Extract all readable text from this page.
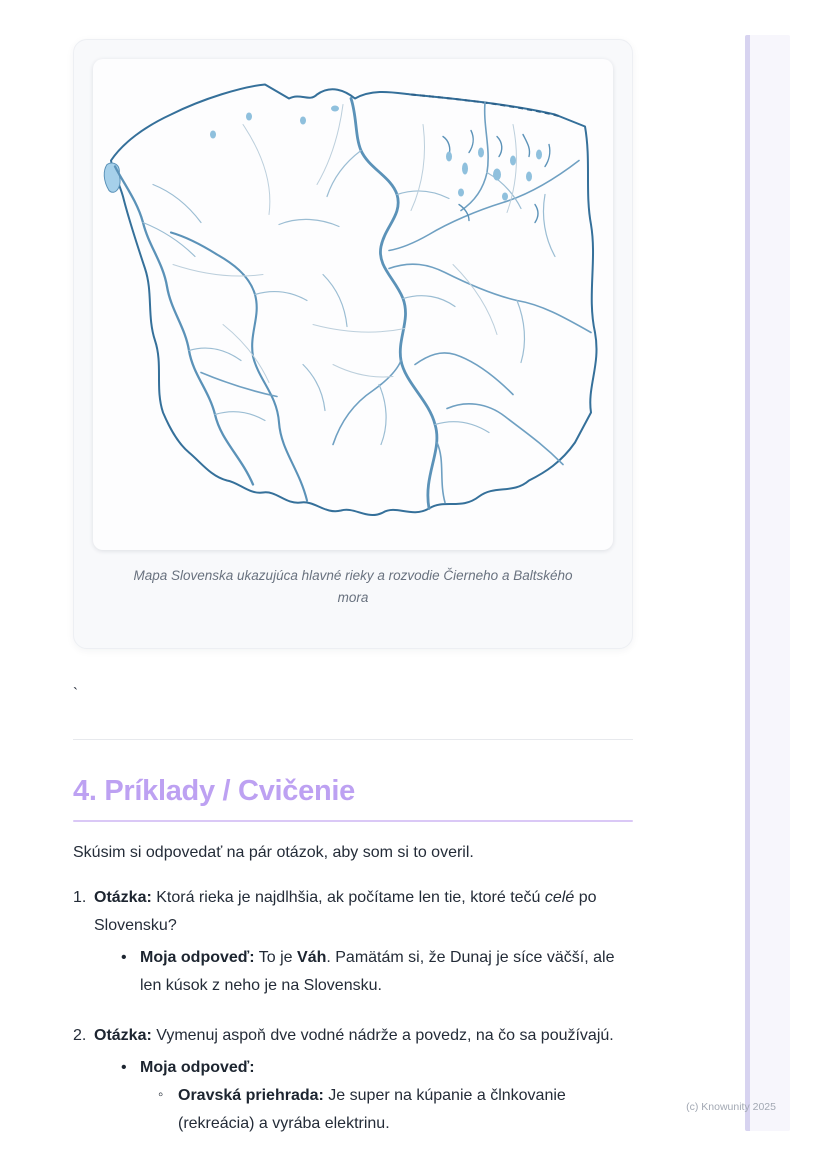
Mapa Slovenska ukazujúca hlavné rieky a rozvodie Čierneho a Baltského mora

`

4. Príklady / Cvičenie

Skúsim si odpovedať na pár otázok, aby som si to overil.

1. Otázka: Ktorá rieka je najdlhšia, ak počítame len tie, ktoré tečú celé po Slovensku?
• Moja odpoveď: To je Váh. Pamätám si, že Dunaj je síce väčší, ale len kúsok z neho je na Slovensku.
2. Otázka: Vymenuj aspoň dve vodné nádrže a povedz, na čo sa používajú.
• Moja odpoveď:
◦ Oravská priehrada: Je super na kúpanie a člnkovanie (rekreácia) a vyrába elektrinu.
(c) Knowunity 2025
